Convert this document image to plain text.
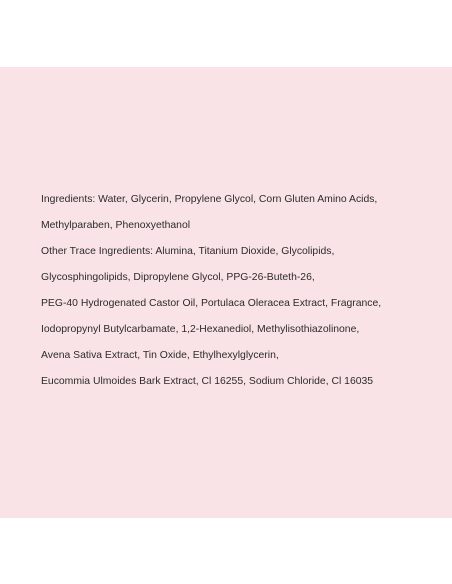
Ingredients: Water, Glycerin, Propylene Glycol, Corn Gluten Amino Acids,
Methylparaben, Phenoxyethanol
Other Trace Ingredients: Alumina, Titanium Dioxide, Glycolipids,
Glycosphingolipids, Dipropylene Glycol, PPG-26-Buteth-26,
PEG-40 Hydrogenated Castor Oil, Portulaca Oleracea Extract, Fragrance,
Iodopropynyl Butylcarbamate, 1,2-Hexanediol, Methylisothiazolinone,
Avena Sativa Extract, Tin Oxide, Ethylhexylglycerin,
Eucommia Ulmoides Bark Extract, Cl 16255, Sodium Chloride, Cl 16035
